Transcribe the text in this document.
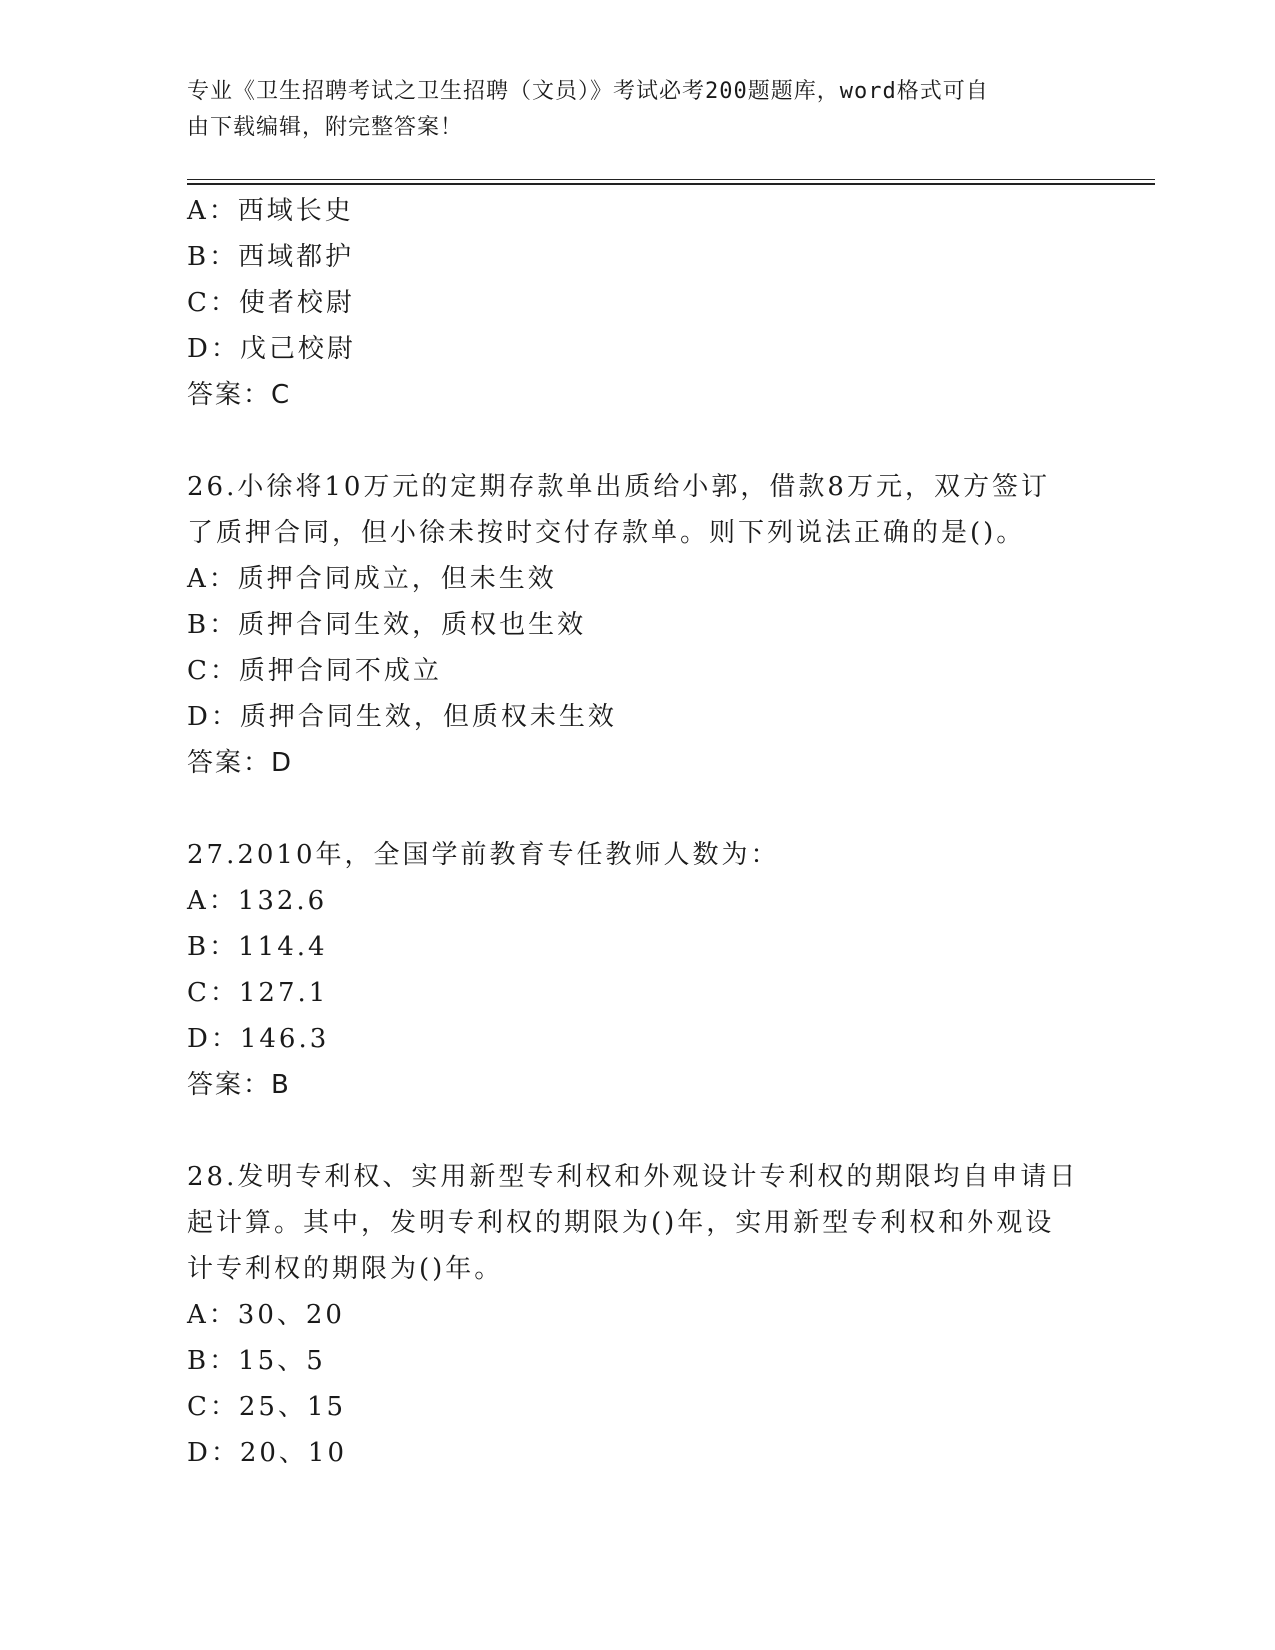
专业《卫生招聘考试之卫生招聘（文员）》考试必考200题题库，word格式可自
由下载编辑，附完整答案！
A：西域长史
B：西域都护
C：使者校尉
D：戊己校尉
答案：C
26.小徐将10万元的定期存款单出质给小郭，借款8万元，双方签订
了质押合同，但小徐未按时交付存款单。则下列说法正确的是()。
A：质押合同成立，但未生效
B：质押合同生效，质权也生效
C：质押合同不成立
D：质押合同生效，但质权未生效
答案：D
27.2010年，全国学前教育专任教师人数为：
A：132.6
B：114.4
C：127.1
D：146.3
答案：B
28.发明专利权、实用新型专利权和外观设计专利权的期限均自申请日
起计算。其中，发明专利权的期限为()年，实用新型专利权和外观设
计专利权的期限为()年。
A：30、20
B：15、5
C：25、15
D：20、10
